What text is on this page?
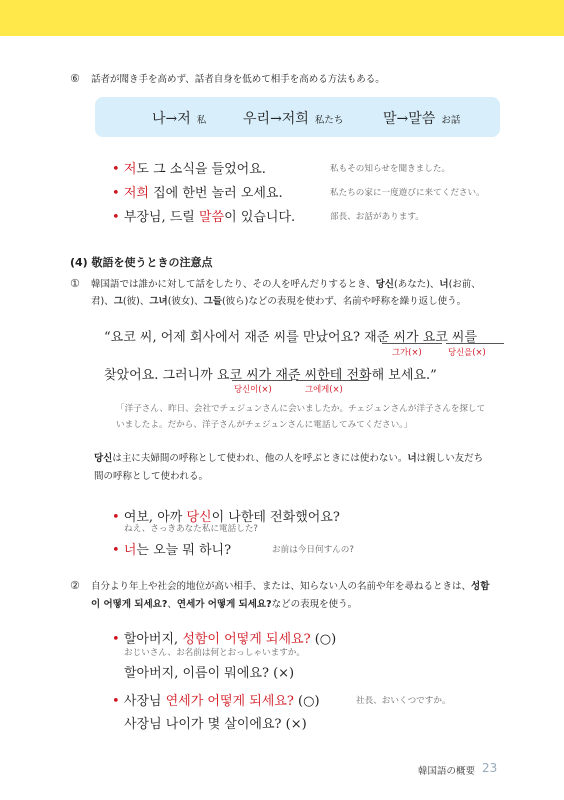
⑥ 話者が聞き手を高めず、話者自身を低めて相手を高める方法もある。
나→저 私	우리→저희 私たち	말→말씀 お話
• 저도 그 소식을 들었어요.	私もその知らせを聞きました。
• 저희 집에 한번 놀러 오세요.	私たちの家に一度遊びに来てください。
• 부장님, 드릴 말씀이 있습니다.	部長、お話があります。
(4) 敬語を使うときの注意点
① 韓国語では誰かに対して話をしたり、その人を呼んだりするとき、당신(あなた)、너(お前、
君)、그(彼)、그녀(彼女)、그들(彼ら)などの表現を使わず、名前や呼称を繰り返し使う。
“요코 씨, 어제 회사에서 재준 씨를 만났어요? 재준 씨가 요코 씨를
그가(×)	당신을(×)
찾았어요. 그러니까 요코 씨가 재준 씨한테 전화해 보세요.”
당신이(×)	그에게(×)
「洋子さん、昨日、会社でチェジュンさんに会いましたか。チェジュンさんが洋子さんを探して
いましたよ。だから、洋子さんがチェジュンさんに電話してみてください。」
당신は主に夫婦間の呼称として使われ、他の人を呼ぶときには使わない。너は親しい友だち
間の呼称として使われる。
• 여보, 아까 당신이 나한테 전화했어요?
ねえ、さっきあなた私に電話した?
• 너는 오늘 뭐 하니?	お前は今日何すんの?
② 自分より年上や社会的地位が高い相手、または、知らない人の名前や年を尋ねるときは、성함
이 어떻게 되세요?、연세가 어떻게 되세요?などの表現を使う。
• 할아버지, 성함이 어떻게 되세요? (○)
おじいさん、お名前は何とおっしゃいますか。
할아버지, 이름이 뭐에요? (×)
• 사장님 연세가 어떻게 되세요? (○)	社長、おいくつですか。
사장님 나이가 몇 살이에요? (×)
韓国語の概要 23
